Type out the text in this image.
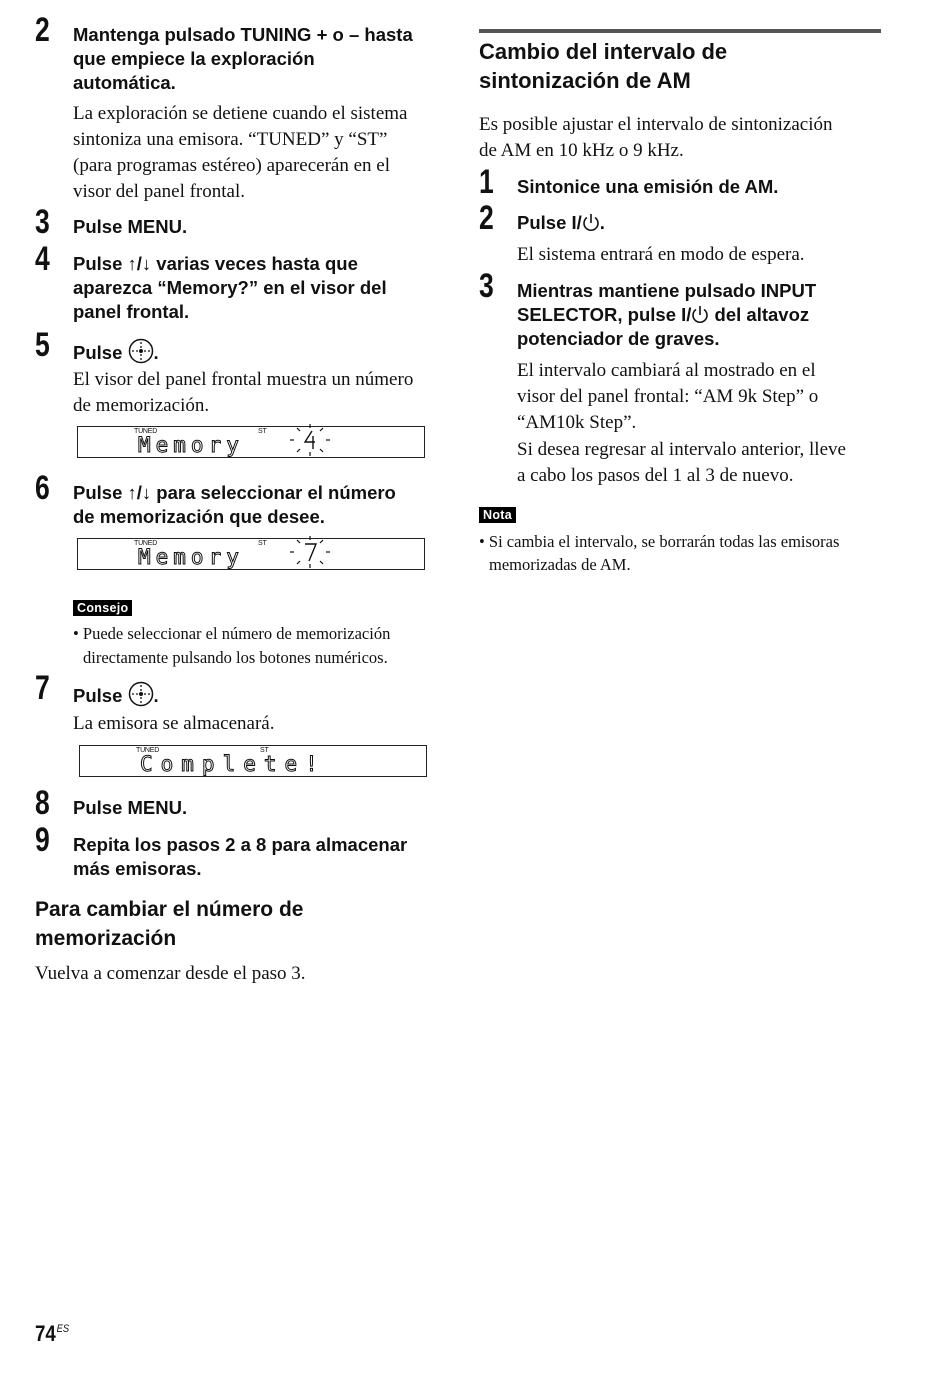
2 Mantenga pulsado TUNING + o – hasta
que empiece la exploración
automática.
La exploración se detiene cuando el sistema
sintoniza una emisora. “TUNED” y “ST”
(para programas estéreo) aparecerán en el
visor del panel frontal.
3 Pulse MENU.
4 Pulse ↑/↓ varias veces hasta que
aparezca “Memory?” en el visor del
panel frontal.
5 Pulse .
El visor del panel frontal muestra un número
de memorización.
TUNED	ST
Memory
6 Pulse ↑/↓ para seleccionar el número
de memorización que desee.
TUNED	ST
Memory
Consejo
• Puede seleccionar el número de memorización
directamente pulsando los botones numéricos.
7 Pulse .
La emisora se almacenará.
TUNED	ST
Complete!
8 Pulse MENU.
9 Repita los pasos 2 a 8 para almacenar
más emisoras.
Para cambiar el número de
memorización
Vuelva a comenzar desde el paso 3.
Cambio del intervalo de
sintonización de AM
Es posible ajustar el intervalo de sintonización
de AM en 10 kHz o 9 kHz.
1 Sintonice una emisión de AM.
2 Pulse I/ .
El sistema entrará en modo de espera.
3 Mientras mantiene pulsado INPUT
SELECTOR, pulse I/ del altavoz
potenciador de graves.
El intervalo cambiará al mostrado en el
visor del panel frontal: “AM 9k Step” o
“AM10k Step”.
Si desea regresar al intervalo anterior, lleve
a cabo los pasos del 1 al 3 de nuevo.
Nota
• Si cambia el intervalo, se borrarán todas las emisoras
memorizadas de AM.
$74^{ES}$
